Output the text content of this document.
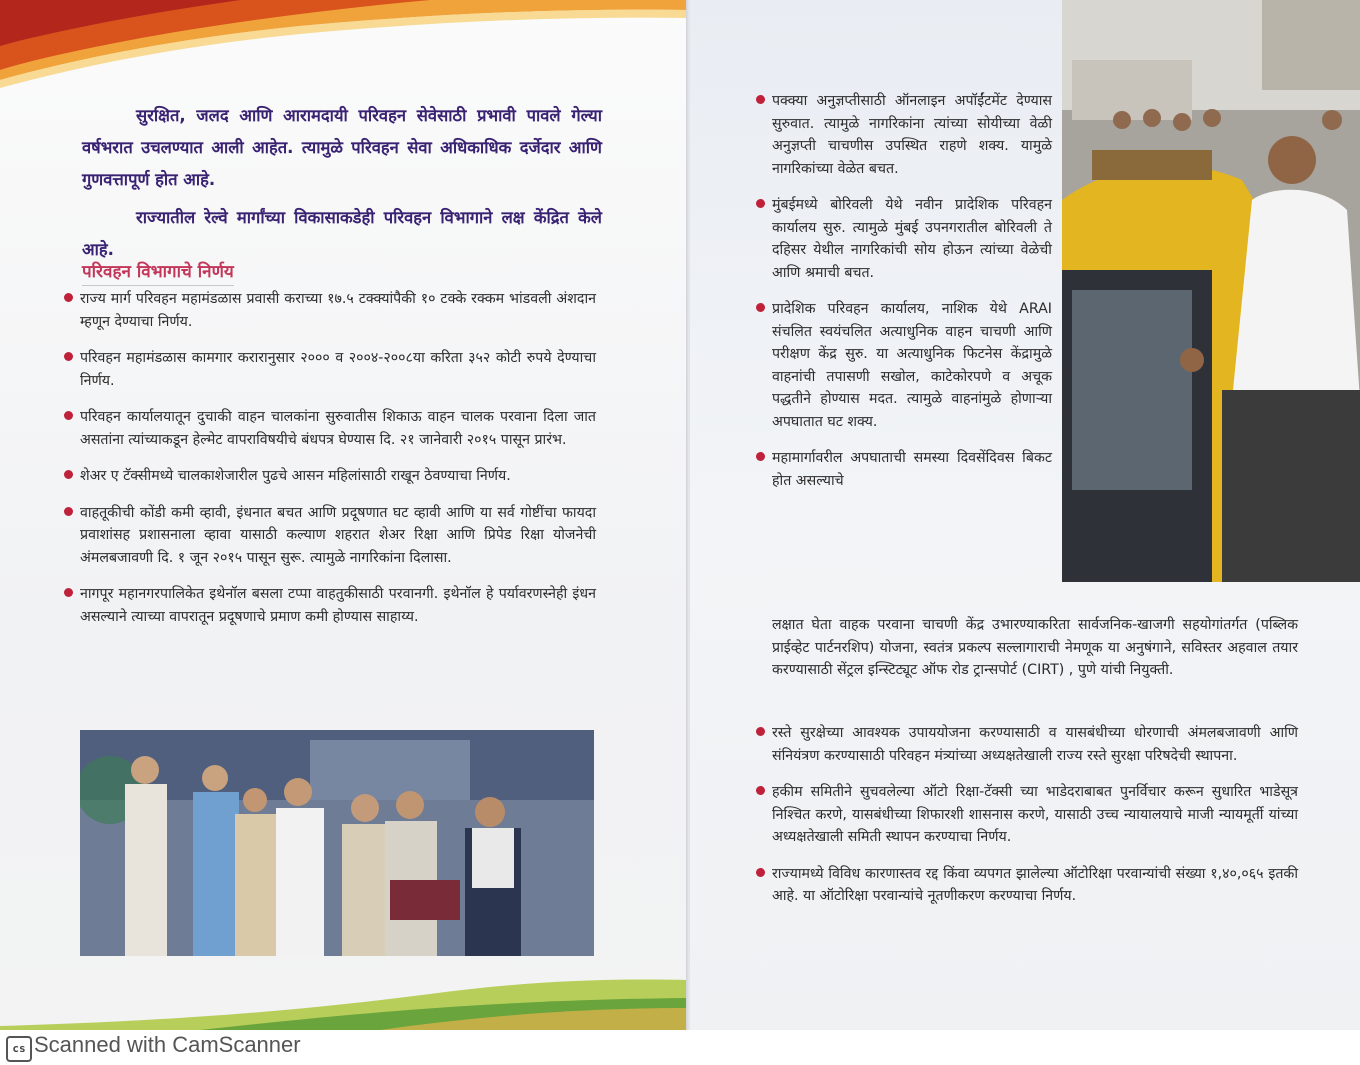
सुरक्षित, जलद आणि आरामदायी परिवहन सेवेसाठी प्रभावी पावले गेल्या वर्षभरात उचलण्यात आली आहेत. त्यामुळे परिवहन सेवा अधिकाधिक दर्जेदार आणि गुणवत्तापूर्ण होत आहे.

राज्यातील रेल्वे मार्गांच्या विकासाकडेही परिवहन विभागाने लक्ष केंद्रित केले आहे.

परिवहन विभागाचे निर्णय
राज्य मार्ग परिवहन महामंडळास प्रवासी कराच्या १७.५ टक्क्यांपैकी १० टक्के रक्कम भांडवली अंशदान म्हणून देण्याचा निर्णय.
परिवहन महामंडळास कामगार करारानुसार २००० व २००४-२००८या करिता ३५२ कोटी रुपये देण्याचा निर्णय.
परिवहन कार्यालयातून दुचाकी वाहन चालकांना सुरुवातीस शिकाऊ वाहन चालक परवाना दिला जात असतांना त्यांच्याकडून हेल्मेट वापराविषयीचे बंधपत्र घेण्यास दि. २१ जानेवारी २०१५ पासून प्रारंभ.
शेअर ए टॅक्सीमध्ये चालकाशेजारील पुढचे आसन महिलांसाठी राखून ठेवण्याचा निर्णय.
वाहतूकीची कोंडी कमी व्हावी, इंधनात बचत आणि प्रदूषणात घट व्हावी आणि या सर्व गोष्टींचा फायदा प्रवाशांसह प्रशासनाला व्हावा यासाठी कल्याण शहरात शेअर रिक्षा आणि प्रिपेड रिक्षा योजनेची अंमलबजावणी दि. १ जून २०१५ पासून सुरू. त्यामुळे नागरिकांना दिलासा.
नागपूर महानगरपालिकेत इथेनॉल बसला टप्पा वाहतुकीसाठी परवानगी. इथेनॉल हे पर्यावरणस्नेही इंधन असल्याने त्याच्या वापरातून प्रदूषणाचे प्रमाण कमी होण्यास साहाय्य.
पक्क्या अनुज्ञप्तीसाठी ऑनलाइन अपॉईंटमेंट देण्यास सुरुवात. त्यामुळे नागरिकांना त्यांच्या सोयीच्या वेळी अनुज्ञप्ती चाचणीस उपस्थित राहणे शक्य. यामुळे नागरिकांच्या वेळेत बचत.
मुंबईमध्ये बोरिवली येथे नवीन प्रादेशिक परिवहन कार्यालय सुरु. त्यामुळे मुंबई उपनगरातील बोरिवली ते दहिसर येथील नागरिकांची सोय होऊन त्यांच्या वेळेची आणि श्रमाची बचत.
प्रादेशिक परिवहन कार्यालय, नाशिक येथे ARAI संचलित स्वयंचलित अत्याधुनिक वाहन चाचणी आणि परीक्षण केंद्र सुरु. या अत्याधुनिक फिटनेस केंद्रामुळे वाहनांची तपासणी सखोल, काटेकोरपणे व अचूक पद्धतीने होण्यास मदत. त्यामुळे वाहनांमुळे होणाऱ्या अपघातात घट शक्य.
महामार्गावरील अपघाताची समस्या दिवसेंदिवस बिकट होत असल्याचे
लक्षात घेता वाहक परवाना चाचणी केंद्र उभारण्याकरिता सार्वजनिक-खाजगी सहयोगांतर्गत (पब्लिक प्राईव्हेट पार्टनरशिप) योजना, स्वतंत्र प्रकल्प सल्लागाराची नेमणूक या अनुषंगाने, सविस्तर अहवाल तयार करण्यासाठी सेंट्रल इन्स्टिट्यूट ऑफ रोड ट्रान्सपोर्ट (CIRT) , पुणे यांची नियुक्ती.
रस्ते सुरक्षेच्या आवश्यक उपाययोजना करण्यासाठी व यासबंधीच्या धोरणाची अंमलबजावणी आणि संनियंत्रण करण्यासाठी परिवहन मंत्र्यांच्या अध्यक्षतेखाली राज्य रस्ते सुरक्षा परिषदेची स्थापना.
हकीम समितीने सुचवलेल्या ऑटो रिक्षा-टॅक्सी च्या भाडेदराबाबत पुनर्विचार करून सुधारित भाडेसूत्र निश्चित करणे, यासबंधीच्या शिफारशी शासनास करणे, यासाठी उच्च न्यायालयाचे माजी न्यायमूर्ती यांच्या अध्यक्षतेखाली समिती स्थापन करण्याचा निर्णय.
राज्यामध्ये विविध कारणास्तव रद्द किंवा व्यपगत झालेल्या ऑटोरिक्षा परवान्यांची संख्या १,४०,०६५ इतकी आहे. या ऑटोरिक्षा परवान्यांचे नूतणीकरण करण्याचा निर्णय.
cs Scanned with CamScanner
